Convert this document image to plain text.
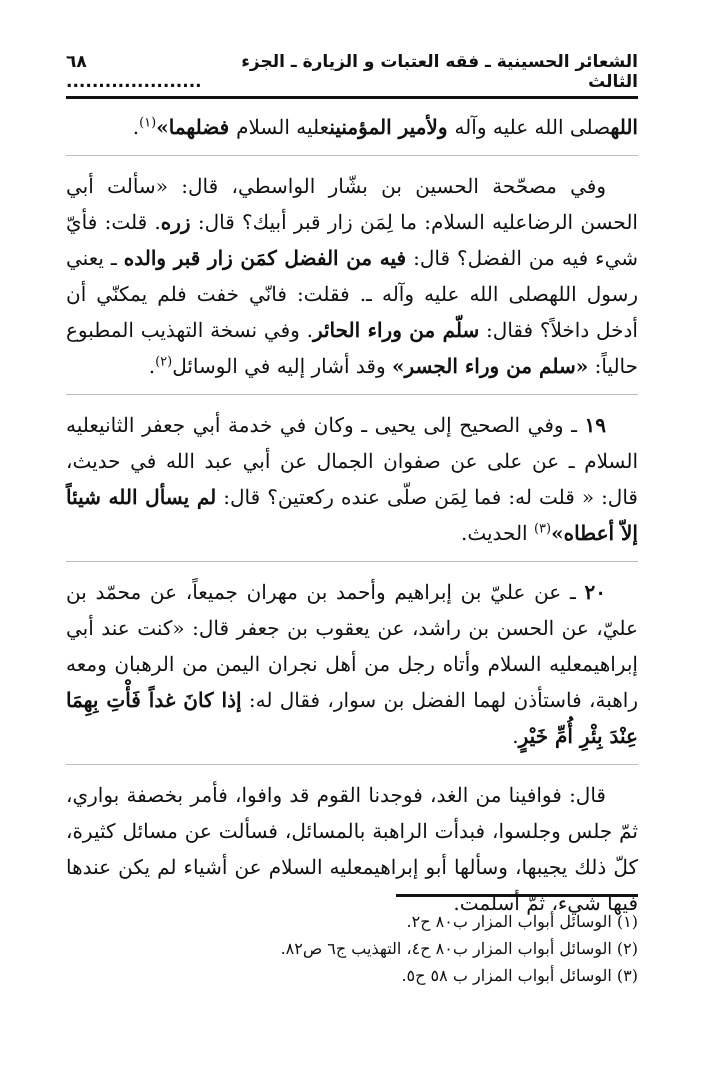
الشعائر الحسينية ـ فقه العتبات و الزيارة ـ الجزء الثالث
٦٨ .....................

اللهصلی الله علیه وآله ولأمير المؤمنينعلیه السلام فضلهما»$^{(١)}$.

وفي مصحّحة الحسين بن بشّار الواسطي، قال: «سألت أبي الحسن الرضاعلیه السلام: ما لِمَن زار قبر أبيك؟ قال: زره. قلت: فأيّ شيء فيه من الفضل؟ قال: فيه من الفضل كمَن زار قبر والده ـ يعني رسول اللهصلی الله علیه وآله ـ. فقلت: فانّي خفت فلم يمكنّي أن أدخل داخلاً؟ فقال: سلّم من وراء الحائر. وفي نسخة التهذيب المطبوع حالياً: «سلم من وراء الجسر» وقد أشار إليه في الوسائل$^{(٢)}$.

١٩ ـ وفي الصحيح إلى يحيى ـ وكان في خدمة أبي جعفر الثانيعلیه السلام ـ عن على عن صفوان الجمال عن أبي عبد الله في حديث، قال: « قلت له: فما لِمَن صلّى عنده ركعتين؟ قال: لم يسأل الله شيئاً إلاّ أعطاه»$^{(٣)}$ الحديث.

٢٠ ـ عن عليّ بن إبراهيم وأحمد بن مهران جميعاً، عن محمّد بن عليّ، عن الحسن بن راشد، عن يعقوب بن جعفر قال: «كنت عند أبي إبراهيمعلیه السلام وأتاه رجل من أهل نجران اليمن من الرهبان ومعه راهبة، فاستأذن لهما الفضل بن سوار، فقال له: إذا كانَ غداً فَأْتِ بِهِمَا عِنْدَ بِئْرِ أُمِّ خَيْرٍ.

قال: فوافينا من الغد، فوجدنا القوم قد وافوا، فأمر بخصفة بواري، ثمّ جلس وجلسوا، فبدأت الراهبة بالمسائل، فسألت عن مسائل كثيرة، كلّ ذلك يجيبها، وسألها أبو إبراهيمعلیه السلام عن أشياء لم يكن عندها فيها شيء، ثمّ أسلمت.

(١) الوسائل أبواب المزار ب٨٠ ح٢.
(٢) الوسائل أبواب المزار ب٨٠ ح٤، التهذيب ج٦ ص٨٢.
(٣) الوسائل أبواب المزار ب ٥٨ ح٥.
